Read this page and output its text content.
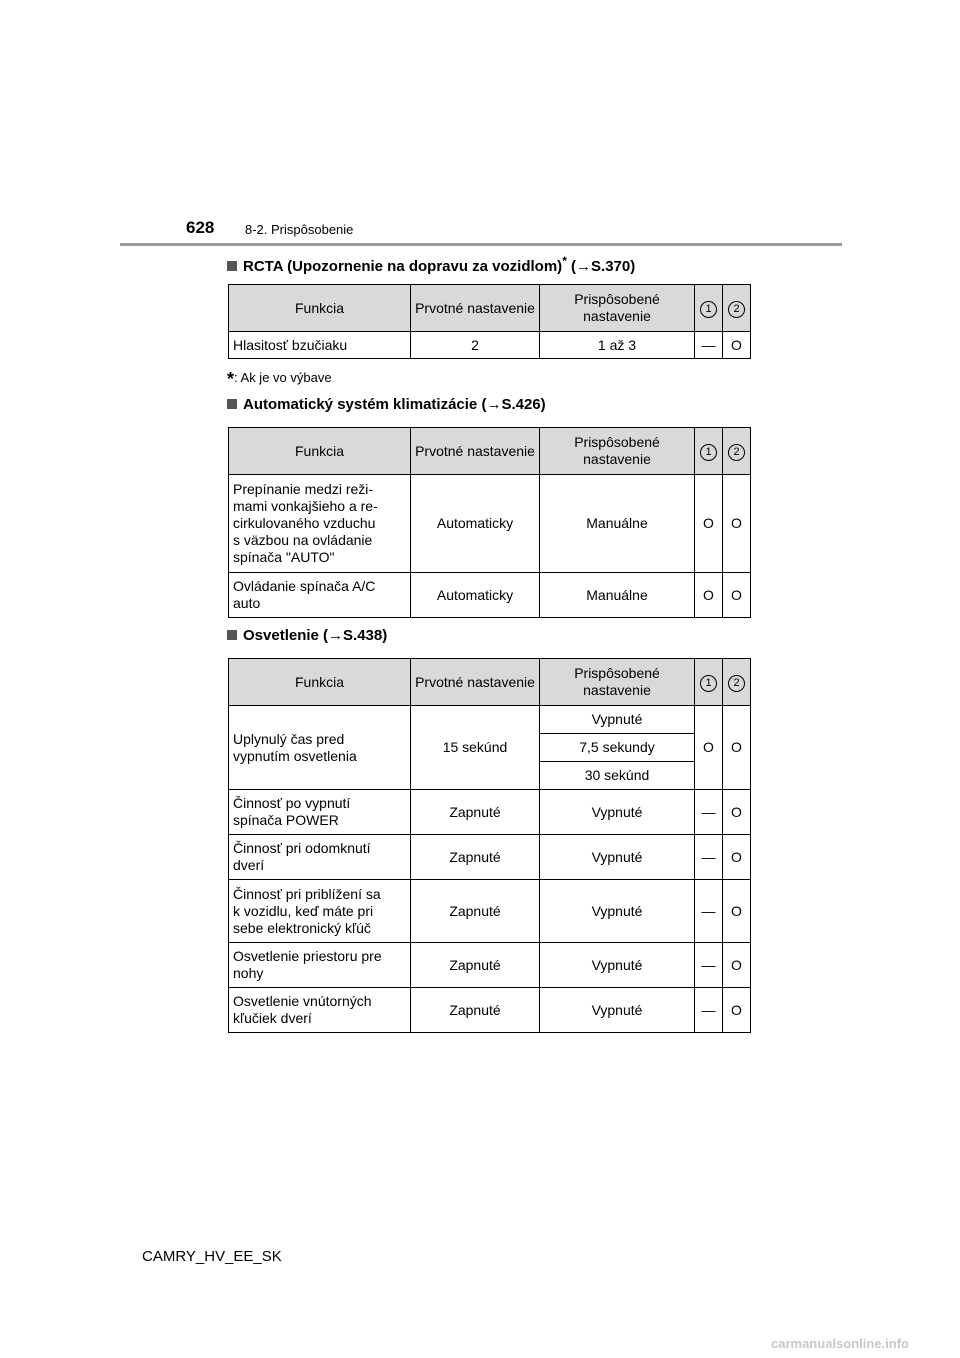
628 8-2. Prispôsobenie
RCTA (Upozornenie na dopravu za vozidlom)* (→S.370)
Funkcia	Prvotné nastavenie	Prispôsobené nastavenie	1	2
Hlasitosť bzučiaku	2	1 až 3	—	O
*: Ak je vo výbave
Automatický systém klimatizácie (→S.426)
Funkcia	Prvotné nastavenie	Prispôsobené nastavenie	1	2
Prepínanie medzi reži-
mami vonkajšieho a re-
cirkulovaného vzduchu
s väzbou na ovládanie
spínača "AUTO"	Automaticky	Manuálne	O	O
Ovládanie spínača A/C
auto	Automaticky	Manuálne	O	O
Osvetlenie (→S.438)
Funkcia	Prvotné nastavenie	Prispôsobené nastavenie	1	2
Uplynulý čas pred
vypnutím osvetlenia	15 sekúnd	Vypnuté	O	O
		7,5 sekundy		
		30 sekúnd		
Činnosť po vypnutí
spínača POWER	Zapnuté	Vypnuté	—	O
Činnosť pri odomknutí
dverí	Zapnuté	Vypnuté	—	O
Činnosť pri priblížení sa
k vozidlu, keď máte pri
sebe elektronický kľúč	Zapnuté	Vypnuté	—	O
Osvetlenie priestoru pre
nohy	Zapnuté	Vypnuté	—	O
Osvetlenie vnútorných
kľučiek dverí	Zapnuté	Vypnuté	—	O
CAMRY_HV_EE_SK
carmanualsonline.info
